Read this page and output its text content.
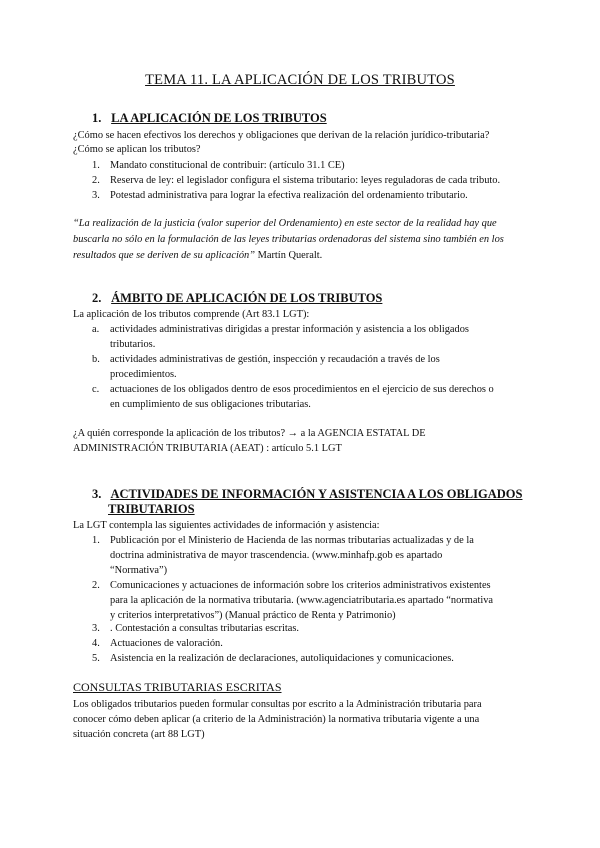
TEMA 11. LA APLICACIÓN DE LOS TRIBUTOS
1. LA APLICACIÓN DE LOS TRIBUTOS
¿Cómo se hacen efectivos los derechos y obligaciones que derivan de la relación jurídico-tributaria?
¿Cómo se aplican los tributos?
1. Mandato constitucional de contribuir: (artículo 31.1 CE)
2. Reserva de ley: el legislador configura el sistema tributario: leyes reguladoras de cada tributo.
3. Potestad administrativa para lograr la efectiva realización del ordenamiento tributario.
“La realización de la justicia (valor superior del Ordenamiento) en este sector de la realidad hay que buscarla no sólo en la formulación de las leyes tributarias ordenadoras del sistema sino también en los resultados que se deriven de su aplicación” Martín Queralt.
2. ÁMBITO DE APLICACIÓN DE LOS TRIBUTOS
La aplicación de los tributos comprende (Art 83.1 LGT):
a.	actividades administrativas dirigidas a prestar información y asistencia a los obligados
tributarios.
b. actividades administrativas de gestión, inspección y recaudación a través de los
procedimientos.
c.	actuaciones de los obligados dentro de esos procedimientos en el ejercicio de sus derechos o
en cumplimiento de sus obligaciones tributarias.
¿A quién corresponde la aplicación de los tributos? → a la AGENCIA ESTATAL DE
ADMINISTRACIÓN TRIBUTARIA (AEAT) : artículo 5.1 LGT
3. ACTIVIDADES DE INFORMACIÓN Y ASISTENCIA A LOS OBLIGADOS
TRIBUTARIOS
La LGT contempla las siguientes actividades de información y asistencia:
1. Publicación por el Ministerio de Hacienda de las normas tributarias actualizadas y de la
doctrina administrativa de mayor trascendencia. (www.minhafp.gob es apartado
“Normativa”)
2. Comunicaciones y actuaciones de información sobre los criterios administrativos existentes
para la aplicación de la normativa tributaria. (www.agenciatributaria.es apartado “normativa
y criterios interpretativos”) (Manual práctico de Renta y Patrimonio)
3. . Contestación a consultas tributarias escritas.
4. Actuaciones de valoración.
5. Asistencia en la realización de declaraciones, autoliquidaciones y comunicaciones.
CONSULTAS TRIBUTARIAS ESCRITAS
Los obligados tributarios pueden formular consultas por escrito a la Administración tributaria para
conocer cómo deben aplicar (a criterio de la Administración) la normativa tributaria vigente a una
situación concreta (art 88 LGT)
